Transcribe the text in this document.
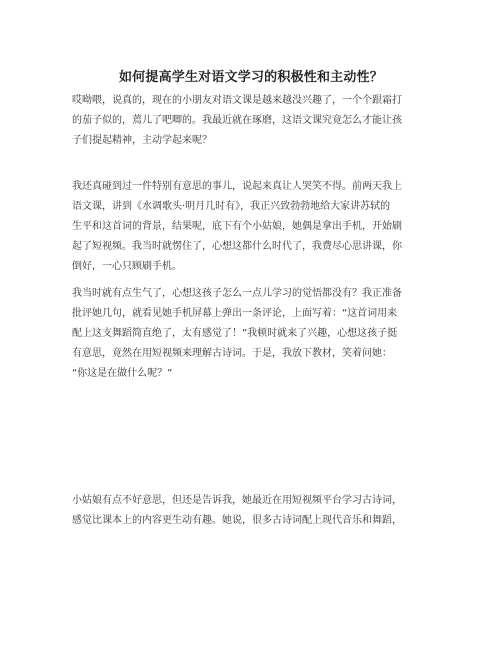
如何提高学生对语文学习的积极性和主动性？
哎呦喂，说真的，现在的小朋友对语文课是越来越没兴趣了，一个个跟霜打
的茄子似的，蔫儿了吧唧的。我最近就在琢磨，这语文课究竟怎么才能让孩
子们提起精神，主动学起来呢？
我还真碰到过一件特别有意思的事儿，说起来真让人哭笑不得。前两天我上
语文课，讲到《水调歌头·明月几时有》，我正兴致勃勃地给大家讲苏轼的
生平和这首词的背景，结果呢，底下有个小姑娘，她偶是拿出手机，开始刷
起了短视频。我当时就愣住了，心想这都什么时代了，我费尽心思讲课，你
倒好，一心只顾刷手机。
我当时就有点生气了，心想这孩子怎么一点儿学习的觉悟都没有？我正准备
批评她几句，就看见她手机屏幕上弹出一条评论，上面写着：“这首词用来
配上这支舞蹈简直绝了，太有感觉了！”我顿时就来了兴趣，心想这孩子挺
有意思，竟然在用短视频来理解古诗词。于是，我放下教材，笑着问她：
“你这是在做什么呢？”
小姑娘有点不好意思，但还是告诉我，她最近在用短视频平台学习古诗词，
感觉比课本上的内容更生动有趣。她说，很多古诗词配上现代音乐和舞蹈，
